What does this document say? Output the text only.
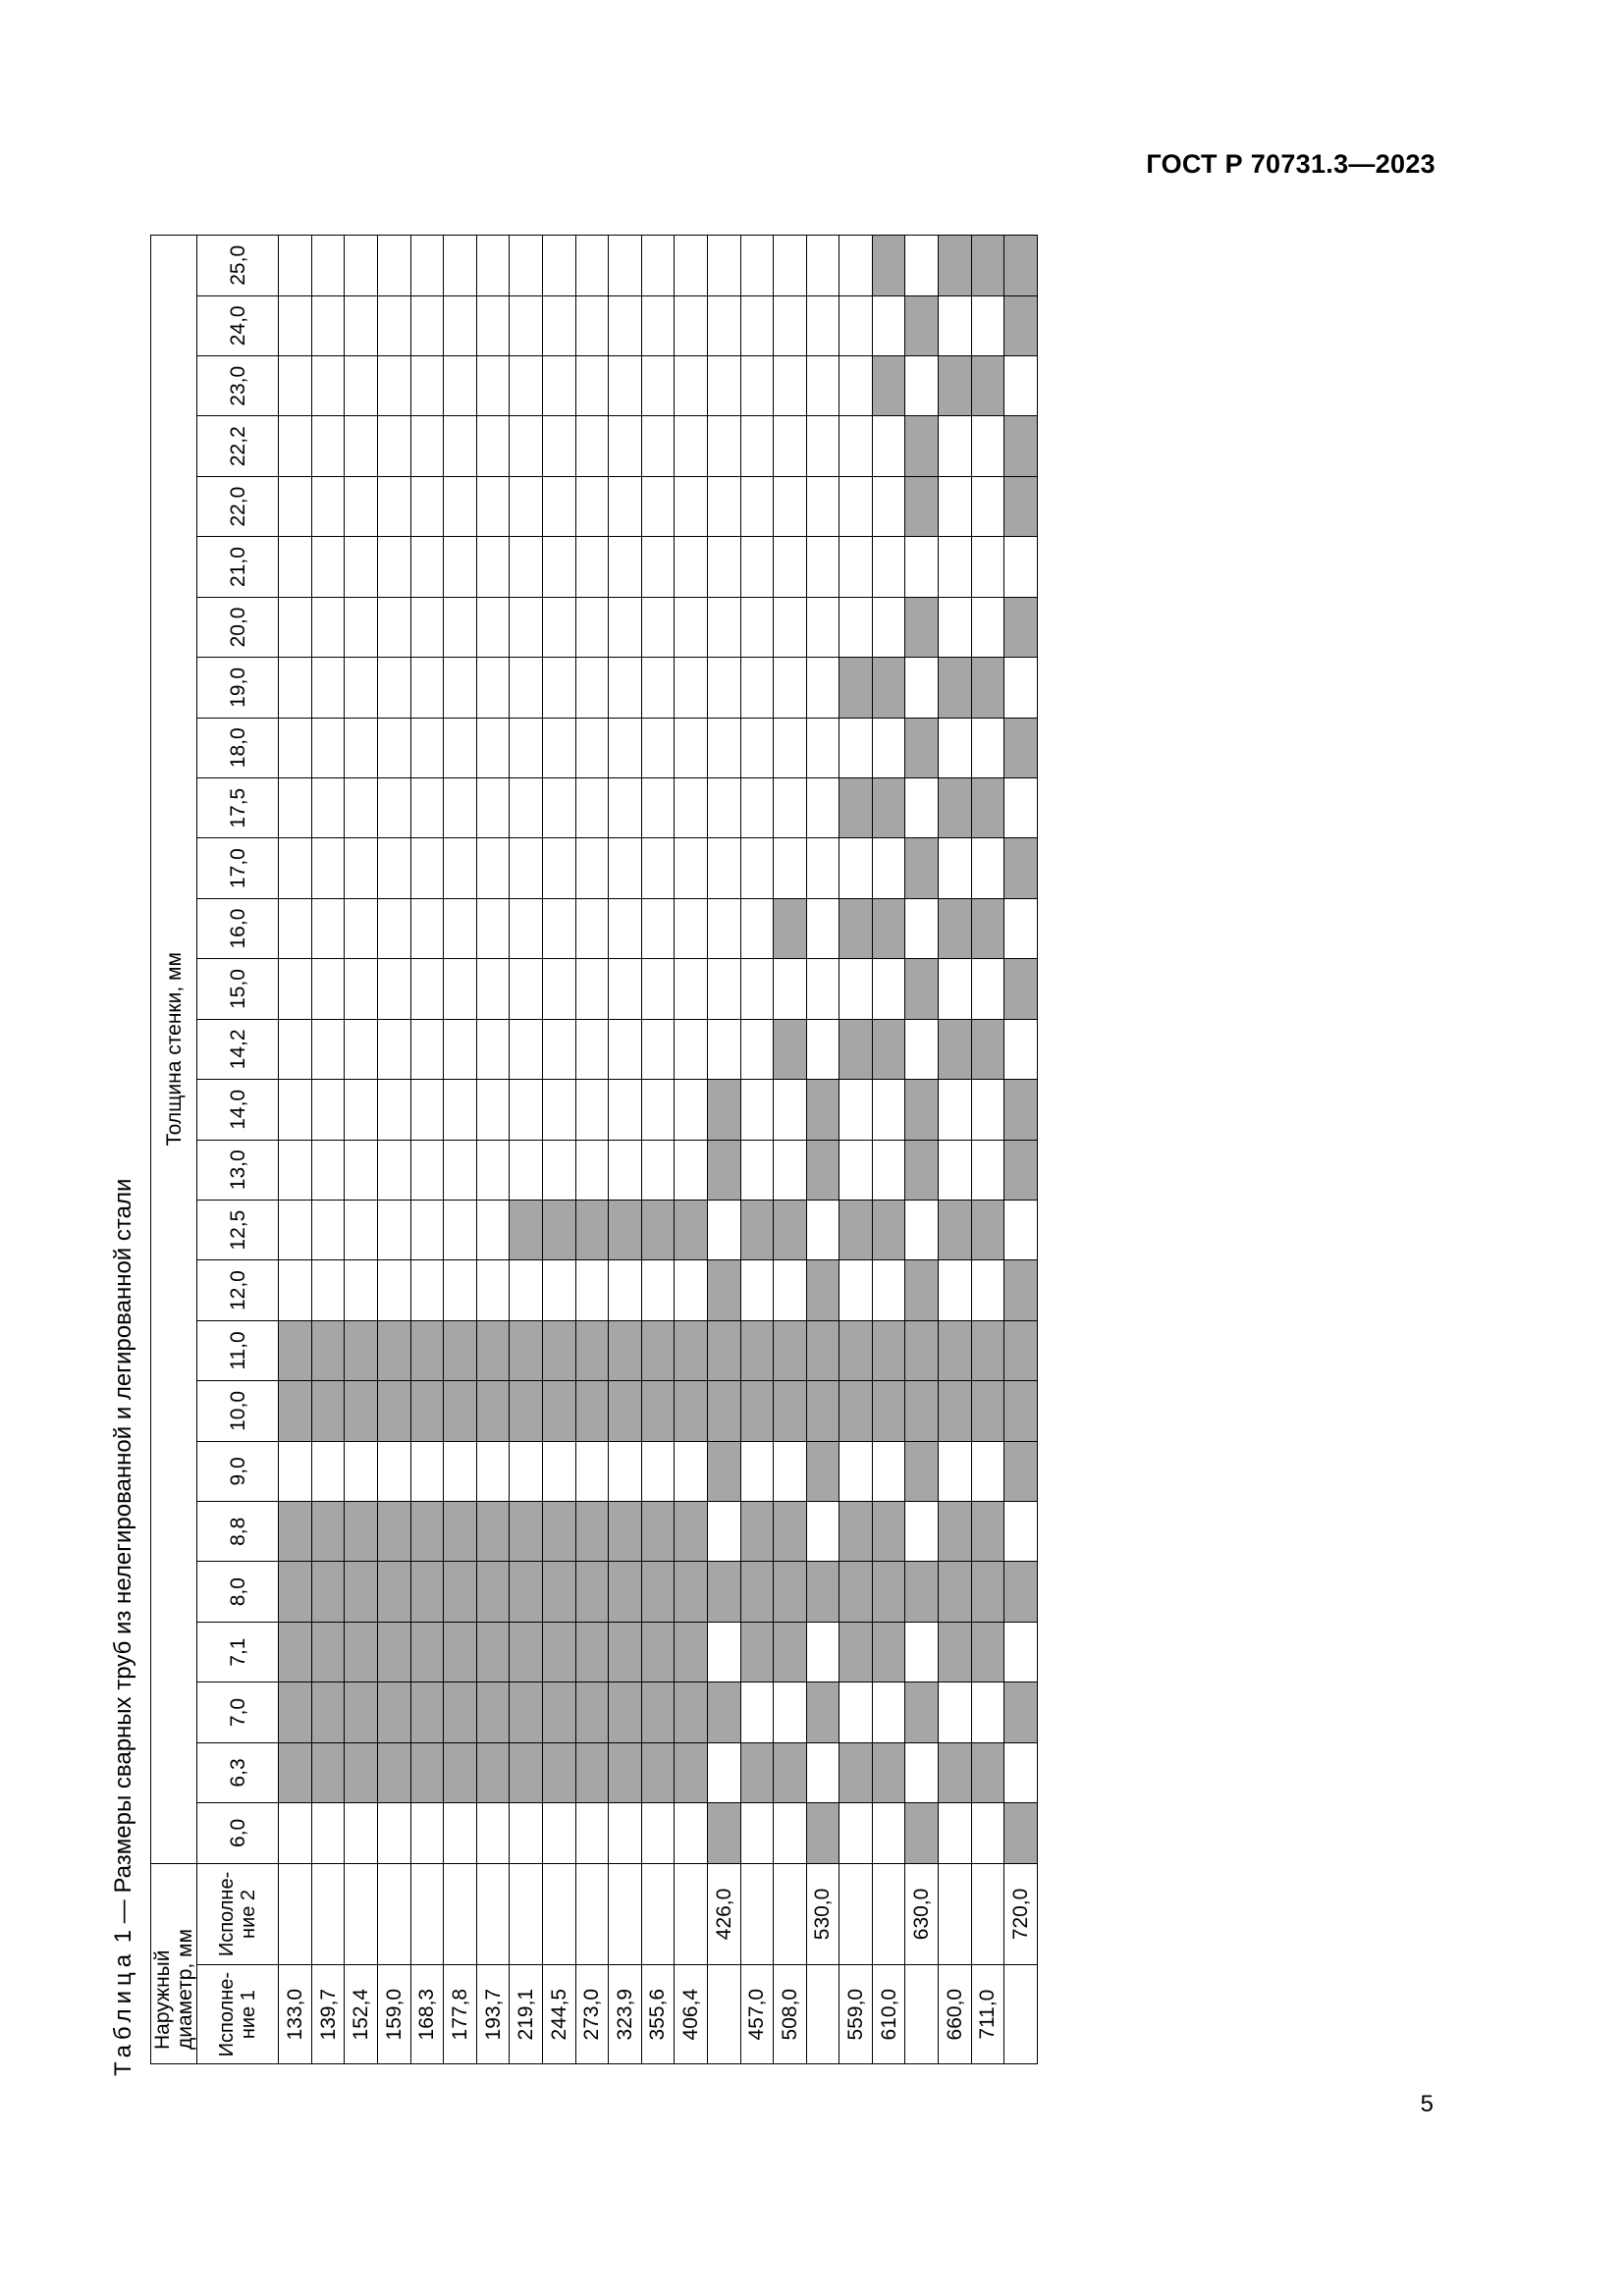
ГОСТ Р 70731.3—2023
Таблица 1 — Размеры сварных труб из нелегированной и легированной стали
Наружный диаметр, мм		Толщина стенки, мм																										
Исполне-ние 1	Исполне-ние 2	6,0	6,3	7,0	7,1	8,0	8,8	9,0	10,0	11,0	12,0	12,5	13,0	14,0	14,2	15,0	16,0	17,0	17,5	18,0	19,0	20,0	21,0	22,0	22,2	23,0	24,0	25,0
133,0																												
139,7																												
152,4																												
159,0																												
168,3																												
177,8																												
193,7																												
219,1																												
244,5																												
273,0																												
323,9																												
355,6																												
406,4																												
	426,0																											
457,0																												
508,0																												
	530,0																											
559,0																												
610,0																												
	630,0																											
660,0																												
711,0																												
	720,0																											
5
